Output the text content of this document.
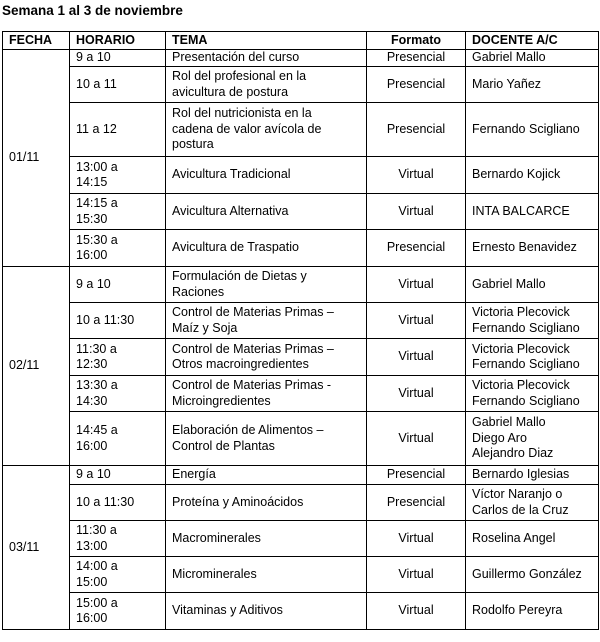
Semana 1 al 3 de noviembre
FECHA	HORARIO	TEMA	Formato	DOCENTE A/C
01/11	9 a 10	Presentación del curso	Presencial	Gabriel Mallo

	10 a 11	Rol del profesional en la
avicultura de postura	Presencial	Mario Yañez

	11 a 12	Rol del nutricionista en la
cadena de valor avícola de
postura	Presencial	Fernando Scigliano

	13:00 a
14:15	Avicultura Tradicional	Virtual	Bernardo Kojick

	14:15 a
15:30	Avicultura Alternativa	Virtual	INTA BALCARCE

	15:30 a
16:00	Avicultura de Traspatio	Presencial	Ernesto Benavidez

02/11	9 a 10	Formulación de Dietas y
Raciones	Virtual	Gabriel Mallo

	10 a 11:30	Control de Materias Primas –
Maíz y Soja	Virtual	Victoria Plecovick
Fernando Scigliano

	11:30 a
12:30	Control de Materias Primas –
Otros macroingredientes	Virtual	Victoria Plecovick
Fernando Scigliano

	13:30 a
14:30	Control de Materias Primas -
Microingredientes	Virtual	Victoria Plecovick
Fernando Scigliano

	14:45 a
16:00	Elaboración de Alimentos –
Control de Plantas	Virtual	Gabriel Mallo
Diego Aro
Alejandro Diaz

03/11	9 a 10	Energía	Presencial	Bernardo Iglesias

	10 a 11:30	Proteína y Aminoácidos	Presencial	Víctor Naranjo o
Carlos de la Cruz

	11:30 a
13:00	Macrominerales	Virtual	Roselina Angel

	14:00 a
15:00	Microminerales	Virtual	Guillermo González

	15:00 a
16:00	Vitaminas y Aditivos	Virtual	Rodolfo Pereyra
